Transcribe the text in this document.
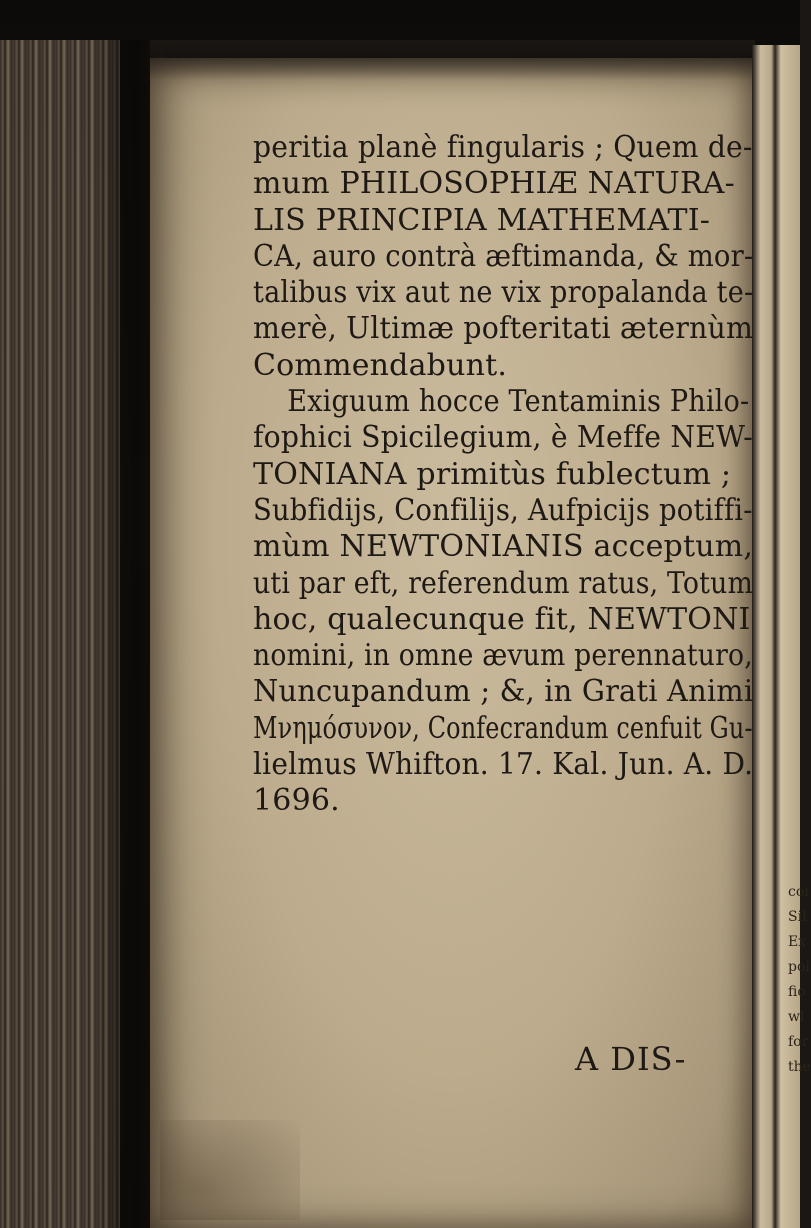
coi
Sil
Ex
poi
fio
wl
for
the
peritia planè fingularis ; Quem de-
mum PHILOSOPHIÆ NATURA-
LIS PRINCIPIA MATHEMATI-
CA, auro contrà æftimanda, & mor-
talibus vix aut ne vix propalanda te-
merè, Ultimæ pofteritati æternùm
Commendabunt.
Exiguum hocce Tentaminis Philo-
fophici Spicilegium, è Meffe NEW-
TONIANA primitùs fublectum ;
Subfidijs, Confilijs, Aufpicijs potiffi-
mùm NEWTONIANIS acceptum,
uti par eft, referendum ratus, Totum
hoc, qualecunque fit, NEWTONI
nomini, in omne ævum perennaturo,
Nuncupandum ; &, in Grati Animi
Μνημόσυνον, Confecrandum cenfuit Gu-
lielmus Whifton. 17. Kal. Jun. A. D.
1696.
A DIS-
